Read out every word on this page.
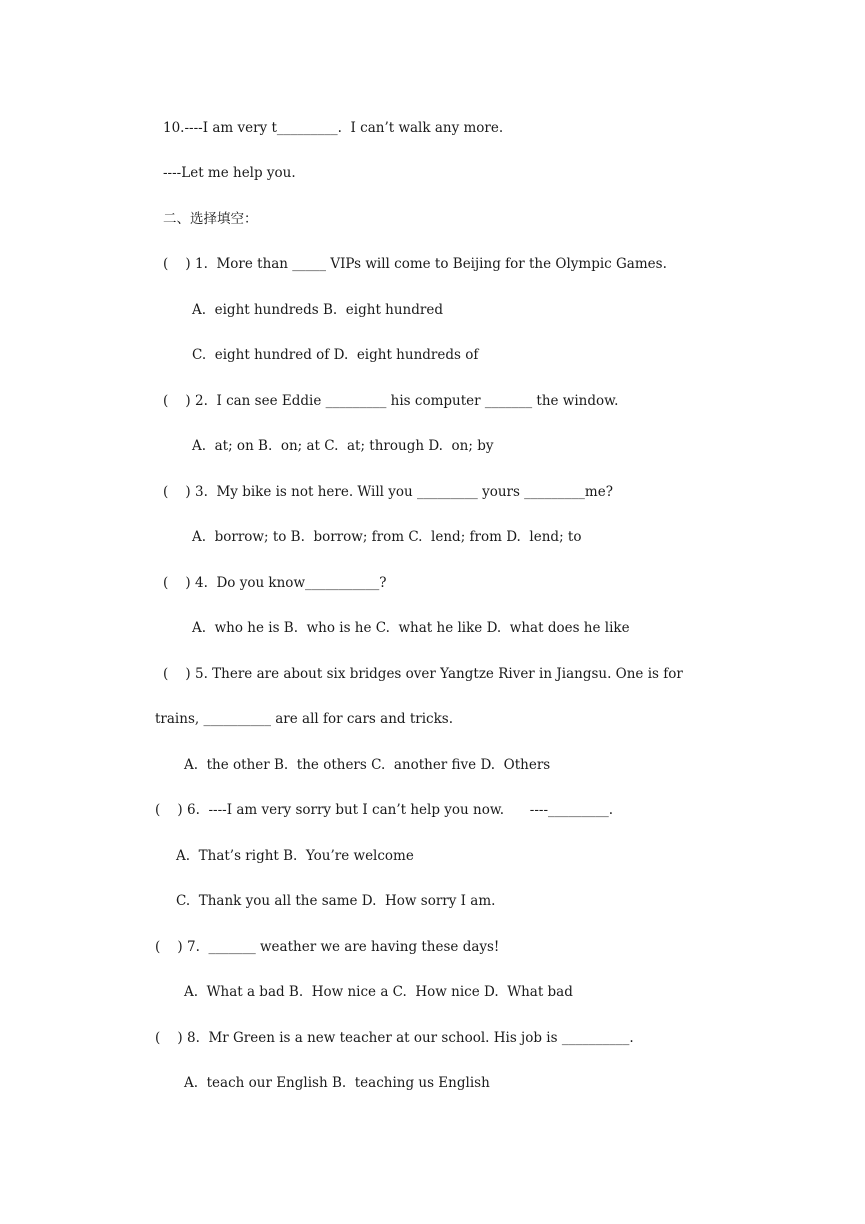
10.----I am very t_________.  I can’t walk any more.
----Let me help you.
二、选择填空：
(    ) 1.  More than _____ VIPs will come to Beijing for the Olympic Games.
A.  eight hundreds B.  eight hundred
C.  eight hundred of D.  eight hundreds of
(    ) 2.  I can see Eddie _________ his computer _______ the window.
A.  at; on B.  on; at C.  at; through D.  on; by
(    ) 3.  My bike is not here. Will you _________ yours _________me?
A.  borrow; to B.  borrow; from C.  lend; from D.  lend; to
(    ) 4.  Do you know___________?
A.  who he is B.  who is he C.  what he like D.  what does he like
(    ) 5. There are about six bridges over Yangtze River in Jiangsu. One is for
trains, __________ are all for cars and tricks.
A.  the other B.  the others C.  another five D.  Others
(    ) 6.  ----I am very sorry but I can’t help you now.      ----_________.
A.  That’s right B.  You’re welcome
C.  Thank you all the same D.  How sorry I am.
(    ) 7.  _______ weather we are having these days!
A.  What a bad B.  How nice a C.  How nice D.  What bad
(    ) 8.  Mr Green is a new teacher at our school. His job is __________.
A.  teach our English B.  teaching us English
